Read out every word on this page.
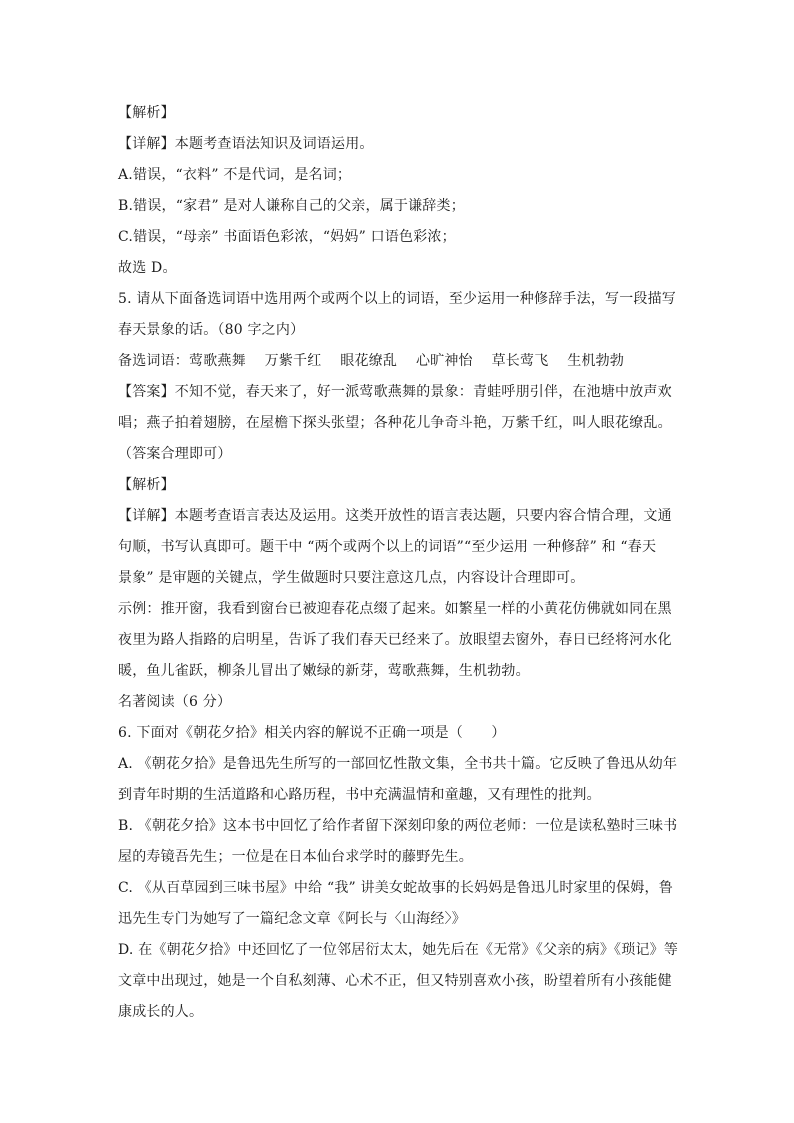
【解析】
【详解】本题考查语法知识及词语运用。
A.错误，“衣料” 不是代词，是名词；
B.错误，“家君” 是对人谦称自己的父亲，属于谦辞类；
C.错误，“母亲” 书面语色彩浓，“妈妈” 口语色彩浓；
故选 D。
5. 请从下面备选词语中选用两个或两个以上的词语，至少运用一种修辞手法，写一段描写
春天景象的话。（80 字之内）
备选词语：莺歌燕舞　 万紫千红　 眼花缭乱　 心旷神怡　 草长莺飞　 生机勃勃
【答案】不知不觉，春天来了，好一派莺歌燕舞的景象：青蛙呼朋引伴，在池塘中放声欢
唱；燕子拍着翅膀，在屋檐下探头张望；各种花儿争奇斗艳，万紫千红，叫人眼花缭乱。
（答案合理即可）
【解析】
【详解】本题考查语言表达及运用。这类开放性的语言表达题，只要内容合情合理，文通
句顺，书写认真即可。题干中 “两个或两个以上的词语”“至少运用 一种修辞” 和 “春天
景象” 是审题的关键点，学生做题时只要注意这几点，内容设计合理即可。
示例：推开窗，我看到窗台已被迎春花点缀了起来。如繁星一样的小黄花仿佛就如同在黑
夜里为路人指路的启明星，告诉了我们春天已经来了。放眼望去窗外，春日已经将河水化
暖，鱼儿雀跃，柳条儿冒出了嫩绿的新芽，莺歌燕舞，生机勃勃。
名著阅读（6 分）
6. 下面对《朝花夕拾》相关内容的解说不正确一项是（　　）
A. 《朝花夕拾》是鲁迅先生所写的一部回忆性散文集，全书共十篇。它反映了鲁迅从幼年
到青年时期的生活道路和心路历程，书中充满温情和童趣，又有理性的批判。
B. 《朝花夕拾》这本书中回忆了给作者留下深刻印象的两位老师：一位是读私塾时三味书
屋的寿镜吾先生；一位是在日本仙台求学时的藤野先生。
C. 《从百草园到三味书屋》中给 “我” 讲美女蛇故事的长妈妈是鲁迅儿时家里的保姆，鲁
迅先生专门为她写了一篇纪念文章《阿长与〈山海经〉》
D. 在《朝花夕拾》中还回忆了一位邻居衍太太，她先后在《无常》《父亲的病》《琐记》等
文章中出现过，她是一个自私刻薄、心术不正，但又特别喜欢小孩，盼望着所有小孩能健
康成长的人。
